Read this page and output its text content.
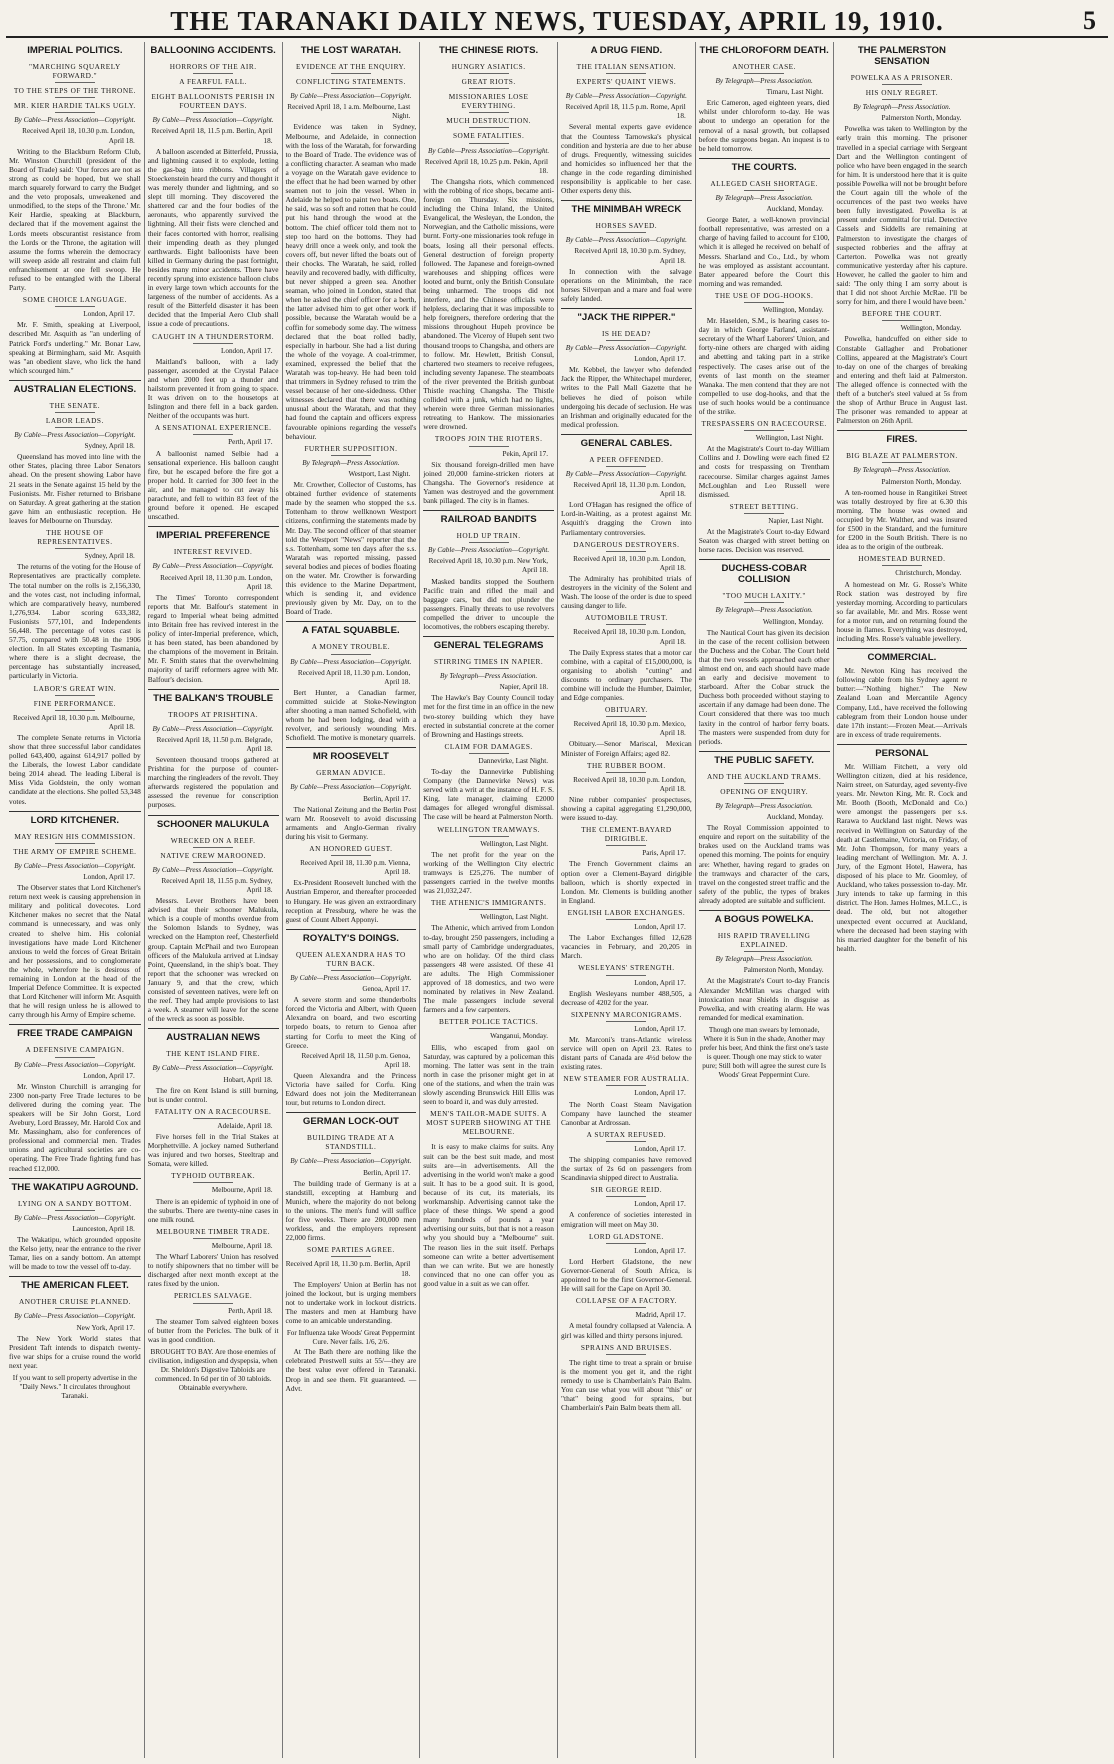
THE TARANAKI DAILY NEWS, TUESDAY, APRIL 19, 1910.	5
IMPERIAL POLITICS.
"MARCHING SQUARELY FORWARD."
TO THE STEPS OF THE THRONE.
MR. KIER HARDIE TALKS UGLY.
By Cable—Press Association—Copyright.
Received April 18, 10.30 p.m. London, April 18.

Writing to the Blackburn Reform Club, Mr. Winston Churchill (president of the Board of Trade) said: 'Our forces are not as strong as could be hoped, but we shall march squarely forward to carry the Budget and the veto proposals, unweakened and unmodified, to the steps of the Throne.' Mr. Keir Hardie, speaking at Blackburn, declared that if the movement against the Lords meets obscurantist resistance from the Lords or the Throne, the agitation will assume the forms wherein the democracy will sweep aside all restraint and claim full enfranchisement at one fell swoop. He refused to be entangled with the Liberal Party.

SOME CHOICE LANGUAGE.
London, April 17.

Mr. F. Smith, speaking at Liverpool, described Mr. Asquith as "an underling of Patrick Ford's underling." Mr. Bonar Law, speaking at Birmingham, said Mr. Asquith was "an obedient slave, who lick the hand which scourged him."

AUSTRALIAN ELECTIONS.
THE SENATE.
LABOR LEADS.
By Cable—Press Association—Copyright.
Sydney, April 18.

Queensland has moved into line with the other States, placing three Labor Senators ahead. On the present showing Labor have 21 seats in the Senate against 15 held by the Fusionists. Mr. Fisher returned to Brisbane on Saturday. A great gathering at the station gave him an enthusiastic reception. He leaves for Melbourne on Thursday.

THE HOUSE OF REPRESENTATIVES.
Sydney, April 18.

The returns of the voting for the House of Representatives are practically complete. The total number on the rolls is 2,156,330, and the votes cast, not including informal, which are comparatively heavy, numbered 1,276,934. Labor scoring 633,382, Fusionists 577,101, and Independents 56,448. The percentage of votes cast is 57.75, compared with 50.48 in the 1906 election. In all States excepting Tasmania, where there is a slight decrease, the percentage has substantially increased, particularly in Victoria.

LABOR'S GREAT WIN.
FINE PERFORMANCE.
Received April 18, 10.30 p.m. Melbourne, April 18.

The complete Senate returns in Victoria show that three successful labor candidates polled 643,400, against 614,917 polled by the Liberals, the lowest Labor candidate being 2014 ahead. The leading Liberal is Miss Vida Goldstein, the only woman candidate at the elections. She polled 53,348 votes.

LORD KITCHENER.
MAY RESIGN HIS COMMISSION.
THE ARMY OF EMPIRE SCHEME.
By Cable—Press Association—Copyright.
London, April 17.

The Observer states that Lord Kitchener's return next week is causing apprehension in military and political dovecotes. Lord Kitchener makes no secret that the Natal command is unnecessary, and was only created to shelve him. His colonial investigations have made Lord Kitchener anxious to weld the forces of Great Britain and her possessions, and to conglomerate the whole, wherefore he is desirous of remaining in London at the head of the Imperial Defence Committee. It is expected that Lord Kitchener will inform Mr. Asquith that he will resign unless he is allowed to carry through his Army of Empire scheme.

FREE TRADE CAMPAIGN
A DEFENSIVE CAMPAIGN.
By Cable—Press Association—Copyright.
London, April 17.

Mr. Winston Churchill is arranging for 2300 non-party Free Trade lectures to be delivered during the coming year. The speakers will be Sir John Gorst, Lord Avebury, Lord Brassey, Mr. Harold Cox and Mr. Massingham, also for conferences of professional and commercial men. Trades unions and agricultural societies are co-operating. The Free Trade fighting fund has reached £12,000.

THE WAKATIPU AGROUND.
LYING ON A SANDY BOTTOM.
By Cable—Press Association—Copyright.
Launceston, April 18.

The Wakatipu, which grounded opposite the Kelso jetty, near the entrance to the river Tamar, lies on a sandy bottom. An attempt will be made to tow the vessel off to-day.

THE AMERICAN FLEET.
ANOTHER CRUISE PLANNED.
By Cable—Press Association—Copyright.
New York, April 17.

The New York World states that President Taft intends to dispatch twenty-five war ships for a cruise round the world next year.

If you want to sell property advertise in the "Daily News." It circulates throughout Taranaki.
BALLOONING ACCIDENTS.
HORRORS OF THE AIR.
A FEARFUL FALL.
EIGHT BALLOONISTS PERISH IN FOURTEEN DAYS.
By Cable—Press Association—Copyright.
Received April 18, 11.5 p.m. Berlin, April 18.

A balloon ascended at Bitterfeld, Prussia, and lightning caused it to explode, letting the gas-bag into ribbons. Villagers of Stoeckenstein heard the curry and thought it was merely thunder and lightning, and so slept till morning. They discovered the shattered car and the four bodies of the aeronauts, who apparently survived the lightning. All their fists were clenched and their faces contorted with horror, realising their impending death as they plunged earthwards. Eight balloonists have been killed in Germany during the past fortnight, besides many minor accidents. There have recently sprung into existence balloon clubs in every large town which accounts for the largeness of the number of accidents. As a result of the Bitterfeld disaster it has been decided that the Imperial Aero Club shall issue a code of precautions.

CAUGHT IN A THUNDERSTORM.
London, April 17.

Maitland's balloon, with a lady passenger, ascended at the Crystal Palace and when 2000 feet up a thunder and hailstorm prevented it from going to space. It was driven on to the housetops at Islington and there fell in a back garden. Neither of the occupants was hurt.

A SENSATIONAL EXPERIENCE.
Perth, April 17.

A balloonist named Selbie had a sensational experience. His balloon caught fire, but he escaped before the fire got a proper hold. It carried for 300 feet in the air, and he managed to cut away his parachute, and fell to within 83 feet of the ground before it opened. He escaped unscathed.

IMPERIAL PREFERENCE
INTEREST REVIVED.
By Cable—Press Association—Copyright.
Received April 18, 11.30 p.m. London, April 18.

The Times' Toronto correspondent reports that Mr. Balfour's statement in regard to Imperial wheat being admitted into Britain free has revived interest in the policy of inter-Imperial preference, which, it has been stated, has been abandoned by the champions of the movement in Britain. Mr. F. Smith states that the overwhelming majority of tariff reformers agree with Mr. Balfour's decision.

THE BALKAN'S TROUBLE
TROOPS AT PRISHTINA.
By Cable—Press Association—Copyright.
Received April 18, 11.50 p.m. Belgrade, April 18.

Seventeen thousand troops gathered at Prishtina for the purpose of counter-marching the ringleaders of the revolt. They afterwards registered the population and assessed the revenue for conscription purposes.

SCHOONER MALUKULA
WRECKED ON A REEF.
NATIVE CREW MAROONED.
By Cable—Press Association—Copyright.
Received April 18, 11.55 p.m. Sydney, April 18.

Messrs. Lever Brothers have been advised that their schooner Malukula, which is a couple of months overdue from the Solomon Islands to Sydney, was wrecked on the Hampton reef, Chesterfield group. Captain McPhail and two European officers of the Malukula arrived at Lindsay Point, Queensland, in the ship's boat. They report that the schooner was wrecked on January 9, and that the crew, which consisted of seventeen natives, were left on the reef. They had ample provisions to last a week. A steamer will leave for the scene of the wreck as soon as possible.

AUSTRALIAN NEWS
THE KENT ISLAND FIRE.
By Cable—Press Association—Copyright.
Hobart, April 18.

The fire on Kent Island is still burning, but is under control.

FATALITY ON A RACECOURSE.
Adelaide, April 18.

Five horses fell in the Trial Stakes at Morphettville. A jockey named Sutherland was injured and two horses, Steeltrap and Somata, were killed.

TYPHOID OUTBREAK.
Melbourne, April 18.

There is an epidemic of typhoid in one of the suburbs. There are twenty-nine cases in one milk round.

MELBOURNE TIMBER TRADE.
Melbourne, April 18.

The Wharf Laborers' Union has resolved to notify shipowners that no timber will be discharged after next month except at the rates fixed by the union.

PERICLES SALVAGE.
Perth, April 18.

The steamer Tom salved eighteen boxes of butter from the Pericles. The bulk of it was in good condition.

BROUGHT TO BAY. Are those enemies of civilisation, indigestion and dyspepsia, when Dr. Sheldon's Digestive Tabloids are commenced. In 6d per tin of 30 tabloids. Obtainable everywhere.
THE LOST WARATAH.
EVIDENCE AT THE ENQUIRY.
CONFLICTING STATEMENTS.
By Cable—Press Association—Copyright.
Received April 18, 1 a.m. Melbourne, Last Night.

Evidence was taken in Sydney, Melbourne, and Adelaide, in connection with the loss of the Waratah, for forwarding to the Board of Trade. The evidence was of a conflicting character. A seaman who made a voyage on the Waratah gave evidence to the effect that he had been warned by other seamen not to join the vessel. When in Adelaide he helped to paint two boats. One, he said, was so soft and rotten that he could put his hand through the wood at the bottom. The chief officer told them not to step too hard on the bottoms. They had heavy drill once a week only, and took the covers off, but never lifted the boats out of their chocks. The Waratah, he said, rolled heavily and recovered badly, with difficulty, but never shipped a green sea. Another seaman, who joined in London, stated that when he asked the chief officer for a berth, the latter advised him to get other work if possible, because the Waratah would be a coffin for somebody some day. The witness declared that the boat rolled badly, especially in harbour. She had a list during the whole of the voyage. A coal-trimmer, examined, expressed the belief that the Waratah was top-heavy. He had been told that trimmers in Sydney refused to trim the vessel because of her one-sidedness. Other witnesses declared that there was nothing unusual about the Waratah, and that they had found the captain and officers express favourable opinions regarding the vessel's behaviour.

FURTHER SUPPOSITION.
By Telegraph—Press Association.
Westport, Last Night.

Mr. Crowther, Collector of Customs, has obtained further evidence of statements made by the seamen who stopped the s.s. Tottenham to throw wellknown Westport citizens, confirming the statements made by Mr. Day. The second officer of that steamer told the Westport "News" reporter that the s.s. Tottenham, some ten days after the s.s. Waratah was reported missing, passed several bodies and pieces of bodies floating on the water. Mr. Crowther is forwarding this evidence to the Marine Department, which is sending it, and evidence previously given by Mr. Day, on to the Board of Trade.

A FATAL SQUABBLE.
A MONEY TROUBLE.
By Cable—Press Association—Copyright.
Received April 18, 11.30 p.m. London, April 18.

Bert Hunter, a Canadian farmer, committed suicide at Stoke-Newington after shooting a man named Schofield, with whom he had been lodging, dead with a revolver, and seriously wounding Mrs. Schofield. The motive is monetary quarrels.

MR ROOSEVELT
GERMAN ADVICE.
By Cable—Press Association—Copyright.
Berlin, April 17.

The National Zeitung and the Berlin Post warn Mr. Roosevelt to avoid discussing armaments and Anglo-German rivalry during his visit to Germany.

AN HONORED GUEST.
Received April 18, 11.30 p.m. Vienna, April 18.

Ex-President Roosevelt lunched with the Austrian Emperor, and thereafter proceeded to Hungary. He was given an extraordinary reception at Pressburg, where he was the guest of Count Albert Apponyi.

ROYALTY'S DOINGS.
QUEEN ALEXANDRA HAS TO TURN BACK.
By Cable—Press Association—Copyright.
Genoa, April 17.

A severe storm and some thunderbolts forced the Victoria and Albert, with Queen Alexandra on board, and two escorting torpedo boats, to return to Genoa after starting for Corfu to meet the King of Greece.

Received April 18, 11.50 p.m. Genoa, April 18.

Queen Alexandra and the Princess Victoria have sailed for Corfu. King Edward does not join the Mediterranean tour, but returns to London direct.

GERMAN LOCK-OUT
BUILDING TRADE AT A STANDSTILL.
By Cable—Press Association—Copyright.
Berlin, April 17.

The building trade of Germany is at a standstill, excepting at Hamburg and Munich, where the majority do not belong to the unions. The men's fund will suffice for five weeks. There are 200,000 men workless, and the employers represent 22,000 firms.

SOME PARTIES AGREE.
Received April 18, 11.30 p.m. Berlin, April 18.

The Employers' Union at Berlin has not joined the lockout, but is urging members not to undertake work in lockout districts. The masters and men at Hamburg have come to an amicable understanding.

For Influenza take Woods' Great Peppermint Cure. Never fails. 1/6, 2/6.

At The Bath there are nothing like the celebrated Prestwell suits at 55/—they are the best value ever offered in Taranaki. Drop in and see them. Fit guaranteed. —Advt.

THE CHINESE RIOTS.
HUNGRY ASIATICS.
GREAT RIOTS.
MISSIONARIES LOSE EVERYTHING.
MUCH DESTRUCTION.
SOME FATALITIES.
By Cable—Press Association—Copyright.
Received April 18, 10.25 p.m. Pekin, April 18.

The Changsha riots, which commenced with the robbing of rice shops, became anti-foreign on Thursday. Six missions, including the China Inland, the United Evangelical, the Wesleyan, the London, the Norwegian, and the Catholic missions, were burnt. Forty-one missionaries took refuge in boats, losing all their personal effects. General destruction of foreign property followed. The Japanese and foreign-owned warehouses and shipping offices were looted and burnt, only the British Consulate being unharmed. The troops did not interfere, and the Chinese officials were helpless, declaring that it was impossible to help foreigners, therefore ordering that the missions throughout Hupeh province be abandoned. The Viceroy of Hupeh sent two thousand troops to Changsha, and others are to follow. Mr. Hewlett, British Consul, chartered two steamers to receive refugees, including seventy Japanese. The steamboats of the river prevented the British gunboat Thistle reaching Changsha. The Thistle collided with a junk, which had no lights, wherein were three German missionaries retreating to Hankow. The missionaries were drowned.

TROOPS JOIN THE RIOTERS.
Pekin, April 17.

Six thousand foreign-drilled men have joined 20,000 famine-stricken rioters at Changsha. The Governor's residence at Yamen was destroyed and the government bank pillaged. The city is in flames.

RAILROAD BANDITS
HOLD UP TRAIN.
By Cable—Press Association—Copyright.
Received April 18, 10.30 p.m. New York, April 18.

Masked bandits stopped the Southern Pacific train and rifled the mail and baggage cars, but did not plunder the passengers. Finally threats to use revolvers compelled the driver to uncouple the locomotives, the robbers escaping thereby.

GENERAL TELEGRAMS
STIRRING TIMES IN NAPIER.
By Telegraph—Press Association.
Napier, April 18.

The Hawke's Bay County Council today met for the first time in an office in the new two-storey building which they have erected in substantial concrete at the corner of Browning and Hastings streets.

CLAIM FOR DAMAGES.
Dannevirke, Last Night.

To-day the Dannevirke Publishing Company (the Dannevirke News) was served with a writ at the instance of H. F. S. King, late manager, claiming £2000 damages for alleged wrongful dismissal. The case will be heard at Palmerston North.

WELLINGTON TRAMWAYS.
Wellington, Last Night.

The net profit for the year on the working of the Wellington City electric tramways is £25,276. The number of passengers carried in the twelve months was 21,032,247.

THE ATHENIC'S IMMIGRANTS.
Wellington, Last Night.

The Athenic, which arrived from London to-day, brought 250 passengers, including a small party of Cambridge undergraduates, who are on holiday. Of the third class passengers 48 were assisted. Of these 41 are adults. The High Commissioner approved of 18 domestics, and two were nominated by relatives in New Zealand. The male passengers include several farmers and a few carpenters.

BETTER POLICE TACTICS.
Wanganui, Monday.

Ellis, who escaped from gaol on Saturday, was captured by a policeman this morning. The latter was sent in the train north in case the prisoner might get in at one of the stations, and when the train was slowly ascending Brunswick Hill Ellis was seen to board it, and was duly arrested.

MEN'S TAILOR-MADE SUITS. A MOST SUPERB SHOWING AT THE MELBOURNE.

It is easy to make claims for suits. Any suit can be the best suit made, and most suits are—in advertisements. All the advertising in the world won't make a good suit. It has to be a good suit. It is good, because of its cut, its materials, its workmanship. Advertising cannot take the place of these things. We spend a good many hundreds of pounds a year advertising our suits, but that is not a reason why you should buy a "Melbourne" suit. The reason lies in the suit itself. Perhaps someone can write a better advertisement than we can write. But we are honestly convinced that no one can offer you as good value in a suit as we can offer.

A DRUG FIEND.
THE ITALIAN SENSATION.
EXPERTS' QUAINT VIEWS.
By Cable—Press Association—Copyright.
Received April 18, 11.5 p.m. Rome, April 18.

Several mental experts gave evidence that the Countess Tarnowska's physical condition and hysteria are due to her abuse of drugs. Frequently, witnessing suicides and homicides so influenced her that the change in the code regarding diminished responsibility is applicable to her case. Other experts deny this.

THE MINIMBAH WRECK
HORSES SAVED.
By Cable—Press Association—Copyright.
Received April 18, 10.30 p.m. Sydney, April 18.

In connection with the salvage operations on the Minimbah, the race horses Silverpan and a mare and foal were safely landed.

"JACK THE RIPPER."
IS HE DEAD?
By Cable—Press Association—Copyright.
London, April 17.

Mr. Kebbel, the lawyer who defended Jack the Ripper, the Whitechapel murderer, writes to the Pall Mall Gazette that he believes he died of poison while undergoing his decade of seclusion. He was an Irishman and originally educated for the medical profession.

GENERAL CABLES.
A PEER OFFENDED.
By Cable—Press Association—Copyright.
Received April 18, 11.30 p.m. London, April 18.

Lord O'Hagan has resigned the office of Lord-in-Waiting, as a protest against Mr. Asquith's dragging the Crown into Parliamentary controversies.

DANGEROUS DESTROYERS.
Received April 18, 10.30 p.m. London, April 18.

The Admiralty has prohibited trials of destroyers in the vicinity of the Solent and Wash. The loose of the order is due to speed causing danger to life.

AUTOMOBILE TRUST.
Received April 18, 10.30 p.m. London, April 18.

The Daily Express states that a motor car combine, with a capital of £15,000,000, is organising to abolish "cutting" and discounts to ordinary purchasers. The combine will include the Humber, Daimler, and Edge companies.

OBITUARY.
Received April 18, 10.30 p.m. Mexico, April 18.

Obituary.—Senor Mariscal, Mexican Minister of Foreign Affairs; aged 82.

THE RUBBER BOOM.
Received April 18, 10.30 p.m. London, April 18.

Nine rubber companies' prospectuses, showing a capital aggregating £1,290,000, were issued to-day.

THE CLEMENT-BAYARD DIRIGIBLE.
Paris, April 17.

The French Government claims an option over a Clement-Bayard dirigible balloon, which is shortly expected in London. Mr. Clements is building another in England.

ENGLISH LABOR EXCHANGES.
London, April 17.

The Labor Exchanges filled 12,628 vacancies in February, and 20,205 in March.

WESLEYANS' STRENGTH.
London, April 17.

English Wesleyans number 488,505, a decrease of 4202 for the year.

SIXPENNY MARCONIGRAMS.
London, April 17.

Mr. Marconi's trans-Atlantic wireless service will open on April 23. Rates to distant parts of Canada are 4½d below the existing rates.

NEW STEAMER FOR AUSTRALIA.
London, April 17.

The North Coast Steam Navigation Company have launched the steamer Canonbar at Ardrossan.

A SURTAX REFUSED.
London, April 17.

The shipping companies have removed the surtax of 2s 6d on passengers from Scandinavia shipped direct to Australia.

SIR GEORGE REID.
London, April 17.

A conference of societies interested in emigration will meet on May 30.

LORD GLADSTONE.
London, April 17.

Lord Herbert Gladstone, the new Governor-General of South Africa, is appointed to be the first Governor-General. He will sail for the Cape on April 30.

COLLAPSE OF A FACTORY.
Madrid, April 17.

A metal foundry collapsed at Valencia. A girl was killed and thirty persons injured.

SPRAINS AND BRUISES.

The right time to treat a sprain or bruise is the moment you get it, and the right remedy to use is Chamberlain's Pain Balm. You can use what you will about "this" or "that" being good for sprains, but Chamberlain's Pain Balm beats them all.

THE CHLOROFORM DEATH.
ANOTHER CASE.
By Telegraph—Press Association.
Timaru, Last Night.

Eric Cameron, aged eighteen years, died whilst under chloroform to-day. He was about to undergo an operation for the removal of a nasal growth, but collapsed before the surgeons began. An inquest is to be held tomorrow.

THE COURTS.
ALLEGED CASH SHORTAGE.
By Telegraph—Press Association.
Auckland, Monday.

George Bater, a well-known provincial football representative, was arrested on a charge of having failed to account for £100, which it is alleged he received on behalf of Messrs. Sharland and Co., Ltd., by whom he was employed as assistant accountant. Bater appeared before the Court this morning and was remanded.

THE USE OF DOG-HOOKS.
Wellington, Monday.

Mr. Haselden, S.M., is hearing cases to-day in which George Farland, assistant-secretary of the Wharf Laborers' Union, and forty-nine others are charged with aiding and abetting and taking part in a strike respectively. The cases arise out of the events of last month on the steamer Wanaka. The men contend that they are not compelled to use dog-hooks, and that the use of such hooks would be a continuance of the strike.

TRESPASSERS ON RACECOURSE.
Wellington, Last Night.

At the Magistrate's Court to-day William Collins and J. Dowling were each fined £2 and costs for trespassing on Trentham racecourse. Similar charges against James McLoughlan and Leo Russell were dismissed.

STREET BETTING.
Napier, Last Night.

At the Magistrate's Court to-day Edward Seaton was charged with street betting on horse races. Decision was reserved.

DUCHESS-COBAR COLLISION
"TOO MUCH LAXITY."
By Telegraph—Press Association.
Wellington, Monday.

The Nautical Court has given its decision in the case of the recent collision between the Duchess and the Cobar. The Court held that the two vessels approached each other almost end on, and each should have made an early and decisive movement to starboard. After the Cobar struck the Duchess both proceeded without staying to ascertain if any damage had been done. The Court considered that there was too much laxity in the control of harbor ferry boats. The masters were suspended from duty for periods.

THE PUBLIC SAFETY.
AND THE AUCKLAND TRAMS.
OPENING OF ENQUIRY.
By Telegraph—Press Association.
Auckland, Monday.

The Royal Commission appointed to enquire and report on the suitability of the brakes used on the Auckland trams was opened this morning. The points for enquiry are: Whether, having regard to grades on the tramways and character of the cars, travel on the congested street traffic and the safety of the public, the types of brakes already adopted are suitable and sufficient.

A BOGUS POWELKA.
HIS RAPID TRAVELLING EXPLAINED.
By Telegraph—Press Association.
Palmerston North, Monday.

At the Magistrate's Court to-day Francis Alexander McMillan was charged with intoxication near Shields in disguise as Powelka, and with creating alarm. He was remanded for medical examination.

Though one man swears by lemonade, Where it is Sun in the shade, Another may prefer his beer, And think the first one's taste is queer. Though one may stick to water pure; Still both will agree the surest cure Is Woods' Great Peppermint Cure.
THE PALMERSTON SENSATION
POWELKA AS A PRISONER.
HIS ONLY REGRET.
By Telegraph—Press Association.
Palmerston North, Monday.

Powelka was taken to Wellington by the early train this morning. The prisoner travelled in a special carriage with Sergeant Dart and the Wellington contingent of police who have been engaged in the search for him. It is understood here that it is quite possible Powelka will not be brought before the Court again till the whole of the occurrences of the past two weeks have been fully investigated. Powelka is at present under committal for trial. Detective Cassels and Siddells are remaining at Palmerston to investigate the charges of suspected robberies and the affray at Carterton. Powelka was not greatly communicative yesterday after his capture. However, he called the gaoler to him and said: 'The only thing I am sorry about is that I did not shoot Archie McRae. I'll be sorry for him, and there I would have been.'

BEFORE THE COURT.
Wellington, Monday.

Powelka, handcuffed on either side to Constable Gallagher and Probationer Collins, appeared at the Magistrate's Court to-day on one of the charges of breaking and entering and theft laid at Palmerston. The alleged offence is connected with the theft of a butcher's steel valued at 5s from the shop of Arthur Bruce in August last. The prisoner was remanded to appear at Palmerston on 26th April.

FIRES.
BIG BLAZE AT PALMERSTON.
By Telegraph—Press Association.
Palmerston North, Monday.

A ten-roomed house in Rangitikei Street was totally destroyed by fire at 6.30 this morning. The house was owned and occupied by Mr. Walther, and was insured for £500 in the Standard, and the furniture for £200 in the South British. There is no idea as to the origin of the outbreak.

HOMESTEAD BURNED.
Christchurch, Monday.

A homestead on Mr. G. Rosse's White Rock station was destroyed by fire yesterday morning. According to particulars so far available, Mr. and Mrs. Rosse went for a motor run, and on returning found the house in flames. Everything was destroyed, including Mrs. Rosse's valuable jewellery.

COMMERCIAL.

Mr. Newton King has received the following cable from his Sydney agent re butter:—"Nothing higher." The New Zealand Loan and Mercantile Agency Company, Ltd., have received the following cablegram from their London house under date 17th instant:—Frozen Meat.—Arrivals are in excess of trade requirements.

PERSONAL

Mr. William Fitchett, a very old Wellington citizen, died at his residence, Nairn street, on Saturday, aged seventy-five years. Mr. Newton King, Mr. R. Cock and Mr. Booth (Booth, McDonald and Co.) were amongst the passengers per s.s. Rarawa to Auckland last night. News was received in Wellington on Saturday of the death at Castlemaine, Victoria, on Friday, of Mr. John Thompson, for many years a leading merchant of Wellington. Mr. A. J. Jury, of the Egmont Hotel, Hawera, has disposed of his place to Mr. Goomley, of Auckland, who takes possession to-day. Mr. Jury intends to take up farming in this district. The Hon. James Holmes, M.L.C., is dead. The old, but not altogether unexpected event occurred at Auckland, where the deceased had been staying with his married daughter for the benefit of his health.
